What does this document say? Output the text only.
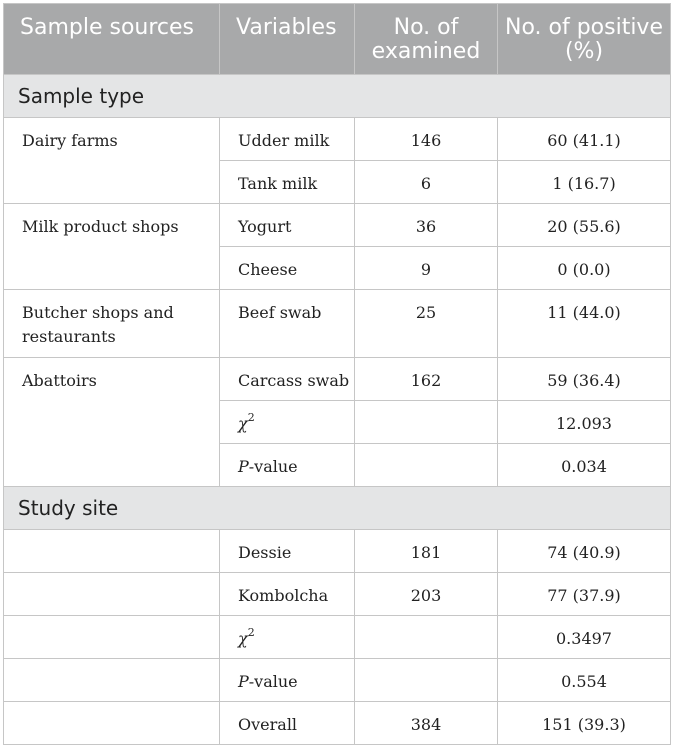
Sample sources	Variables	No. of examined	No. of positive (%)
Sample type			
Dairy farms	Udder milk	146	60 (41.1)
	Tank milk	6	1 (16.7)
Milk product shops	Yogurt	36	20 (55.6)
	Cheese	9	0 (0.0)
Butcher shops and restaurants	Beef swab	25	11 (44.0)
Abattoirs	Carcass swab	162	59 (36.4)
	$\chi^2$		12.093
	P-value		0.034
Study site			
	Dessie	181	74 (40.9)
	Kombolcha	203	77 (37.9)
	$\chi^2$		0.3497
	P-value		0.554
	Overall	384	151 (39.3)
